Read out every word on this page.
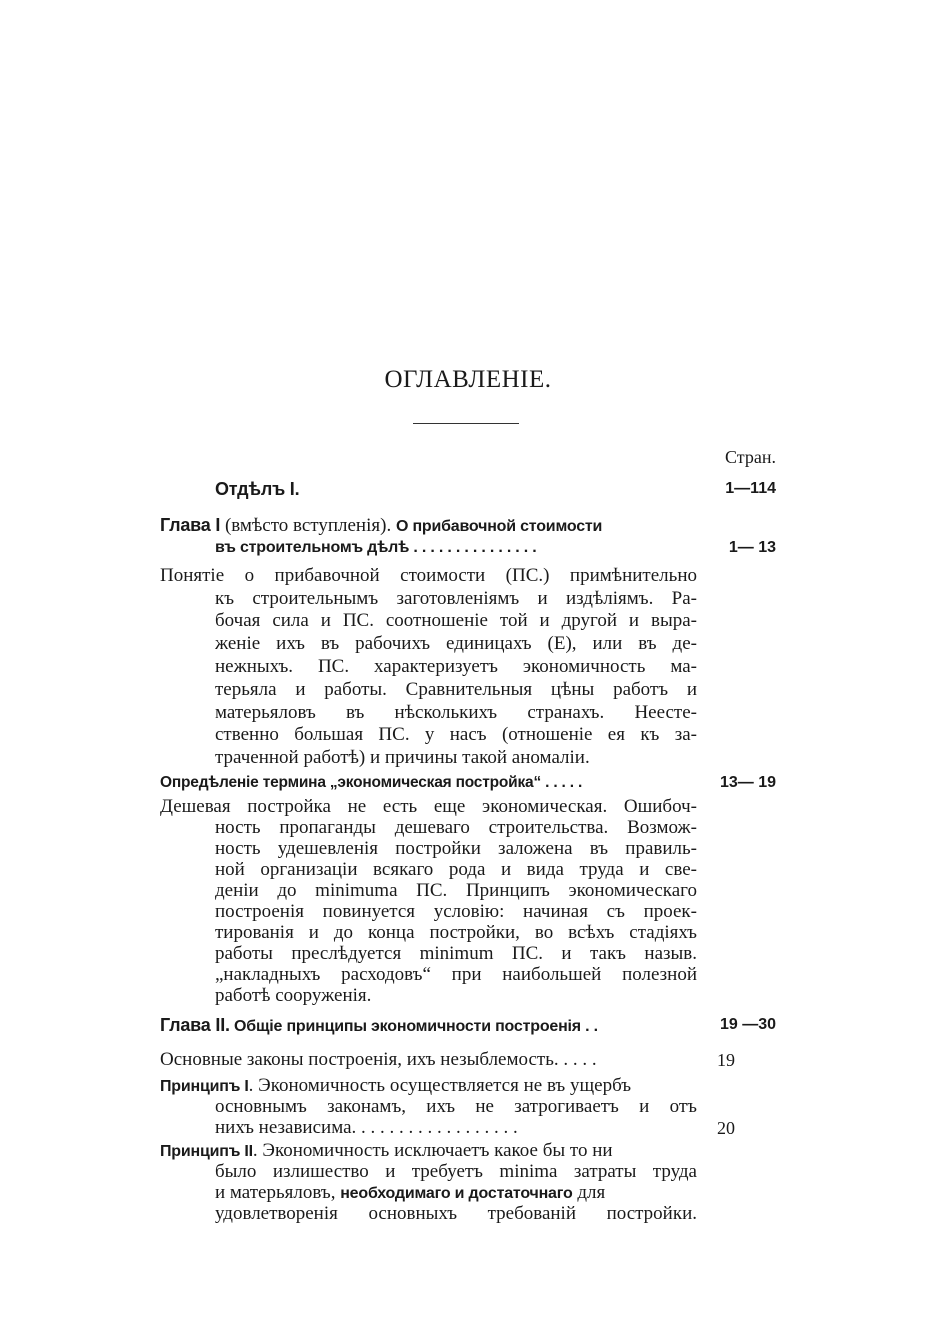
ОГЛАВЛЕНІЕ.
Стран.
Отдѣлъ I.	1—114
Глава I (вмѣсто вступленія). О прибавочной стоимости
въ строительномъ дѣлѣ . . . . . . . . . . . . . . .	1— 13
Понятіе о прибавочной стоимости (ПС.) примѣнительно
къ строительнымъ заготовленіямъ и издѣліямъ. Ра-
бочая сила и ПС. соотношеніе той и другой и выра-
женіе ихъ въ рабочихъ единицахъ (Е), или въ де-
нежныхъ. ПС. характеризуетъ экономичность ма-
терьяла и работы. Сравнительныя цѣны работъ и
матерьяловъ въ нѣсколькихъ странахъ. Неесте-
ственно большая ПС. у насъ (отношеніе ея къ за-
траченной работѣ) и причины такой аномаліи.
Опредѣленіе термина „экономическая постройка“ . . . . .	13— 19
Дешевая постройка не есть еще экономическая. Ошибоч-
ность пропаганды дешеваго строительства. Возмож-
ность удешевленія постройки заложена въ правиль-
ной организаціи всякаго рода и вида труда и све-
деніи до minimuma ПС. Принципъ экономическаго
построенія повинуется условію: начиная съ проек-
тированія и до конца постройки, во всѣхъ стадіяхъ
работы преслѣдуется minimum ПС. и такъ назыв.
„накладныхъ расходовъ“ при наибольшей полезной
работѣ сооруженія.
Глава II. Общіе принципы экономичности построенія . .	19 —30
Основные законы построенія, ихъ незыблемость. . . . .	19
Принципъ I. Экономичность осуществляется не въ ущербъ
основнымъ законамъ, ихъ не затрогиваетъ и отъ
нихъ независима. . . . . . . . . . . . . . . . . .	20
Принципъ II. Экономичность исключаетъ какое бы то ни
было излишество и требуетъ minima затраты труда
и матерьяловъ, необходимаго и достаточнаго для
удовлетворенія основныхъ требованій постройки.
